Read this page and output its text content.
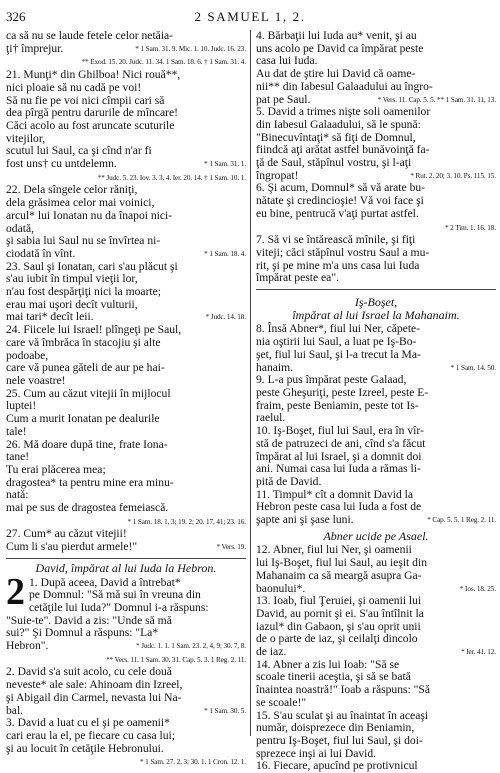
326	2 SAMUEL 1, 2.
ca să nu se laude fetele celor netăia-
ţi† împrejur.	* 1 Sam. 31. 9. Mic. 1. 10. Judc. 16. 23.
** Exod. 15. 20. Judc. 11. 34. 1 Sam. 18. 6. † 1 Sam. 31. 4.
21. Munţi* din Ghilboa! Nici rouă**,
nici ploaie să nu cadă pe voi!
Să nu fie pe voi nici cîmpii cari să
dea pîrgă pentru darurile de mîncare!
Căci acolo au fost aruncate scuturile
vitejilor,
scutul lui Saul, ca şi cînd n'ar fi
fost uns† cu untdelemn.	* 1 Sam. 31. 1.
** Judc. 5. 23. Iov. 3. 3, 4. Ier. 20. 14. † 1 Sam. 10. 1.
22. Dela sîngele celor răniţi,
dela grăsimea celor mai voinici,
arcul* lui Ionatan nu da înapoi nici-
odată,
şi sabia lui Saul nu se învîrtea ni-
ciodată în vînt.	* 1 Sam. 18. 4.
23. Saul şi Ionatan, cari s'au plăcut şi
s'au iubit în timpul vieţii lor,
n'au fost despărţiţi nici la moarte;
erau mai uşori decît vulturii,
mai tari* decît leii.	* Judc. 14. 18.
24. Fiicele lui Israel! plîngeţi pe Saul,
care vă îmbrăca în stacojiu şi alte
podoabe,
care vă punea găteli de aur pe hai-
nele voastre!
25. Cum au căzut vitejii în mijlocul
luptei!
Cum a murit Ionatan pe dealurile
tale!
26. Mă doare după tine, frate Iona-
tane!
Tu erai plăcerea mea;
dragostea* ta pentru mine era minu-
nată:
mai pe sus de dragostea femeiască.
* 1 Sam. 18. 1, 3; 19. 2; 20. 17, 41; 23. 16.
27. Cum* au căzut vitejii!
Cum li s'au pierdut armele!"	* Vers. 19.
David, împărat al lui Iuda la Hebron.
2 1. După aceea, David a întrebat*
pe Domnul: "Să mă sui în vreuna din
cetăţile lui Iuda?" Domnul i-a răspuns:
"Suie-te". David a zis: "Unde să mă
sui?" Şi Domnul a răspuns: "La*
Hebron".	* Judc. 1. 1. 1 Sam. 23. 2, 4, 9; 30. 7, 8.
** Vers. 11. 1 Sam. 30. 31. Cap. 5. 3. 1 Reg. 2. 11.
2. David s'a suit acolo, cu cele două
neveste* ale sale: Ahinoam din Izreel,
şi Abigail din Carmel, nevasta lui Na-
bal.	* 1 Sam. 30. 5.
3. David a luat cu el şi pe oamenii*
cari erau la el, pe fiecare cu casa lui;
şi au locuit în cetăţile Hebronului.
* 1 Sam. 27. 2, 3; 30. 1. 1 Cron. 12. 1.
4. Bărbaţii lui Iuda au* venit, şi au
uns acolo pe David ca împărat peste
casa lui Iuda.
Au dat de ştire lui David că oame-
nii** din Iabesul Galaadului au îngro-
pat pe Saul.	* Vers. 11. Cap. 5. 5. ** 1 Sam. 31. 11, 13.
5. David a trimes nişte soli oamenilor
din Iabesul Galaadului, să le spună:
"Binecuvîntaţi* să fiţi de Domnul,
fiindcă aţi arătat astfel bunăvoinţă fa-
ţă de Saul, stăpînul vostru, şi l-aţi
îngropat!	* Rut. 2. 20; 3. 10. Ps. 115. 15.
6. Şi acum, Domnul* să vă arate bu-
nătate şi credincioşie! Vă voi face şi
eu bine, pentrucă v'aţi purtat astfel.
* 2 Tim. 1. 16, 18.
7. Să vi se întărească mînile, şi fiţi
viteji; căci stăpînul vostru Saul a mu-
rit, şi pe mine m'a uns casa lui Iuda
împărat peste ea".
Iş-Boşet,
împărat al lui Israel la Mahanaim.
8. Însă Abner*, fiul lui Ner, căpete-
nia oştirii lui Saul, a luat pe Iş-Bo-
şet, fiul lui Saul, şi l-a trecut la Ma-
hanaim.	* 1 Sam. 14. 50.
9. L-a pus împărat peste Galaad,
peste Gheşuriţi, peste Izreel, peste E-
fraim, peste Beniamin, peste tot Is-
raelul.
10. Iş-Boşet, fiul lui Saul, era în vîr-
stă de patruzeci de ani, cînd s'a făcut
împărat al lui Israel, şi a domnit doi
ani. Numai casa lui Iuda a rămas li-
pită de David.
11. Timpul* cît a domnit David la
Hebron peste casa lui Iuda a fost de
şapte ani şi şase luni.	* Cap. 5. 5. 1 Reg. 2. 11.
Abner ucide pe Asael.
12. Abner, fiul lui Ner, şi oamenii
lui Iş-Boşet, fiul lui Saul, au ieşit din
Mahanaim ca să meargă asupra Ga-
baonului*.	* Ios. 18. 25.
13. Ioab, fiul Ţeruiei, şi oamenii lui
David, au pornit şi ei. S'au întîlnit la
iazul* din Gabaon, şi s'au oprit unii
de o parte de iaz, şi ceilalţi dincolo
de iaz.	* Ier. 41. 12.
14. Abner a zis lui Ioab: "Să se
scoale tinerii aceştia, şi să se bată
înaintea noastră!" Ioab a răspuns: "Să
se scoale!"
15. S'au sculat şi au înaintat în aceaşi
număr, doisprezece din Beniamin,
pentru Iş-Boşet, fiul lui Saul, şi doi-
sprezece inşi ai lui David.
16. Fiecare, apucînd pe protivnicul
